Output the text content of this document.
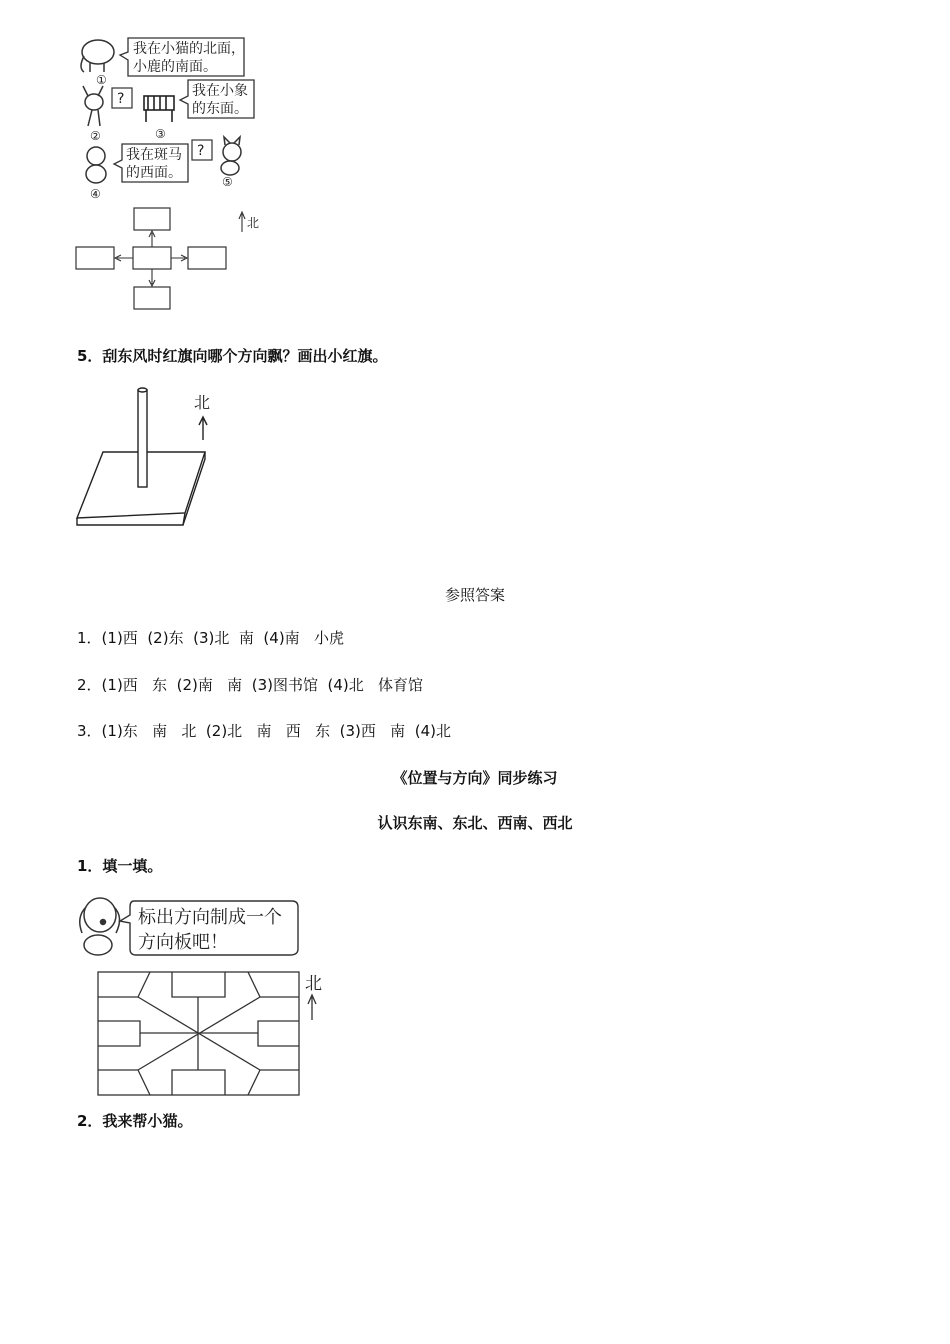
我在小猫的北面，
小鹿的南面。
①
?
②
我在小象
的东面。
③
我在斑马
的西面。
④
?
⑤
北
5．刮东风时红旗向哪个方向飘？画出小红旗。
北
参照答案
1．(1)西  (2)东  (3)北  南  (4)南   小虎
2．(1)西   东  (2)南   南  (3)图书馆  (4)北   体育馆
3．(1)东   南   北  (2)北   南   西   东  (3)西   南  (4)北
《位置与方向》同步练习
认识东南、东北、西南、西北
1．填一填。
标出方向制成一个
方向板吧！
北
2．我来帮小猫。
